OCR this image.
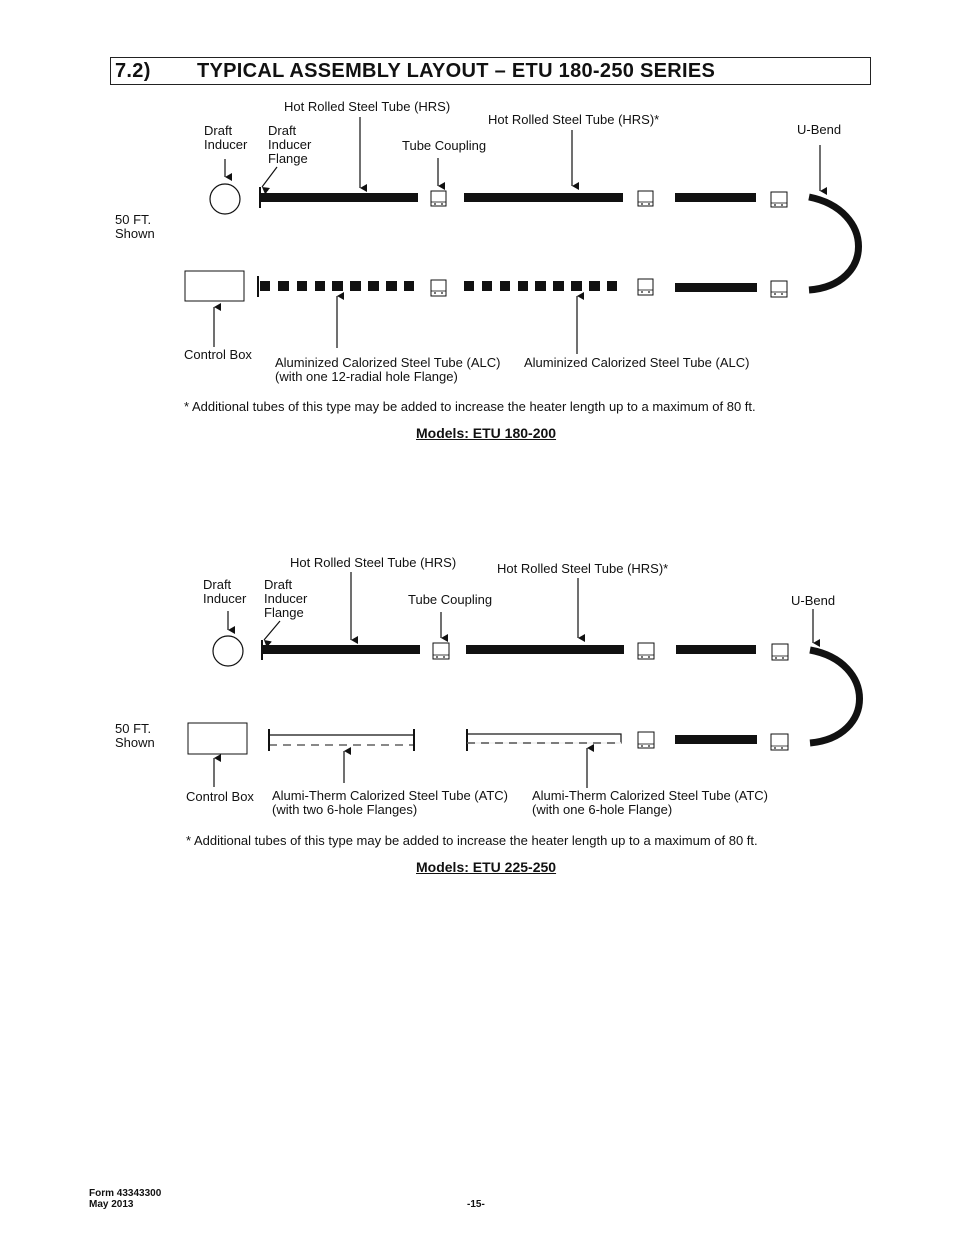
7.2) TYPICAL ASSEMBLY LAYOUT – ETU 180-250 SERIES
Hot Rolled Steel Tube (HRS)
Hot Rolled Steel Tube (HRS)*
Draft
Inducer
Draft
Inducer
Flange
Tube Coupling
U-Bend
50 FT.
Shown
Control Box
Aluminized Calorized Steel Tube (ALC)
(with one 12-radial hole Flange)
Aluminized Calorized Steel Tube (ALC)
* Additional tubes of this type may be added to increase the heater length up to a maximum of 80 ft.
Models: ETU 180-200
Hot Rolled Steel Tube (HRS)	Hot Rolled Steel Tube (HRS)*
Draft
Inducer
Draft
Inducer
Flange
Tube Coupling	U-Bend
50 FT.
Shown
Control Box Alumi-Therm Calorized Steel Tube (ATC)
(with two 6-hole Flanges)
Alumi-Therm Calorized Steel Tube (ATC)
(with one 6-hole Flange)
* Additional tubes of this type may be added to increase the heater length up to a maximum of 80 ft.
Models: ETU 225-250
Form 43343300
May 2013	-15-
